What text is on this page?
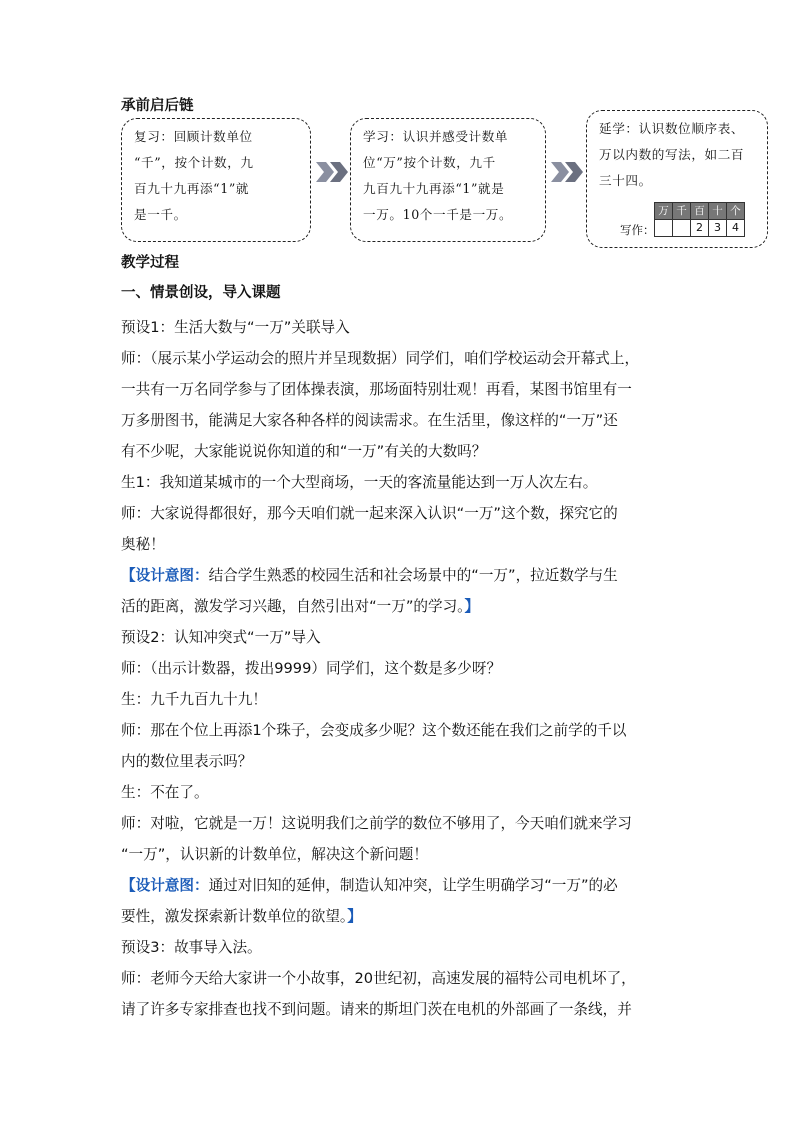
承前启后链
复习：回顾计数单位
“千”，按个计数，九
百九十九再添“1”就
是一千。
学习：认识并感受计数单
位“万”按个计数，九千
九百九十九再添“1”就是
一万。10个一千是一万。
延学：认识数位顺序表、
万以内数的写法，如二百
三十四。
写作：
万	千	百	十	个
		2	3	4
教学过程
一、情景创设，导入课题
预设1：生活大数与“一万”关联导入
师：（展示某小学运动会的照片并呈现数据）同学们，咱们学校运动会开幕式上，
一共有一万名同学参与了团体操表演，那场面特别壮观！再看，某图书馆里有一
万多册图书，能满足大家各种各样的阅读需求。在生活里，像这样的“一万”还
有不少呢，大家能说说你知道的和“一万”有关的大数吗？
生1：我知道某城市的一个大型商场，一天的客流量能达到一万人次左右。
师：大家说得都很好，那今天咱们就一起来深入认识“一万”这个数，探究它的
奥秘！
【设计意图：结合学生熟悉的校园生活和社会场景中的“一万”，拉近数学与生
活的距离，激发学习兴趣，自然引出对“一万”的学习。】
预设2：认知冲突式“一万”导入
师：（出示计数器，拨出9999）同学们，这个数是多少呀？
生：九千九百九十九！
师：那在个位上再添1个珠子，会变成多少呢？这个数还能在我们之前学的千以
内的数位里表示吗？
生：不在了。
师：对啦，它就是一万！这说明我们之前学的数位不够用了，今天咱们就来学习
“一万”，认识新的计数单位，解决这个新问题！
【设计意图：通过对旧知的延伸，制造认知冲突，让学生明确学习“一万”的必
要性，激发探索新计数单位的欲望。】
预设3：故事导入法。
师：老师今天给大家讲一个小故事，20世纪初，高速发展的福特公司电机坏了，
请了许多专家排查也找不到问题。请来的斯坦门茨在电机的外部画了一条线，并
